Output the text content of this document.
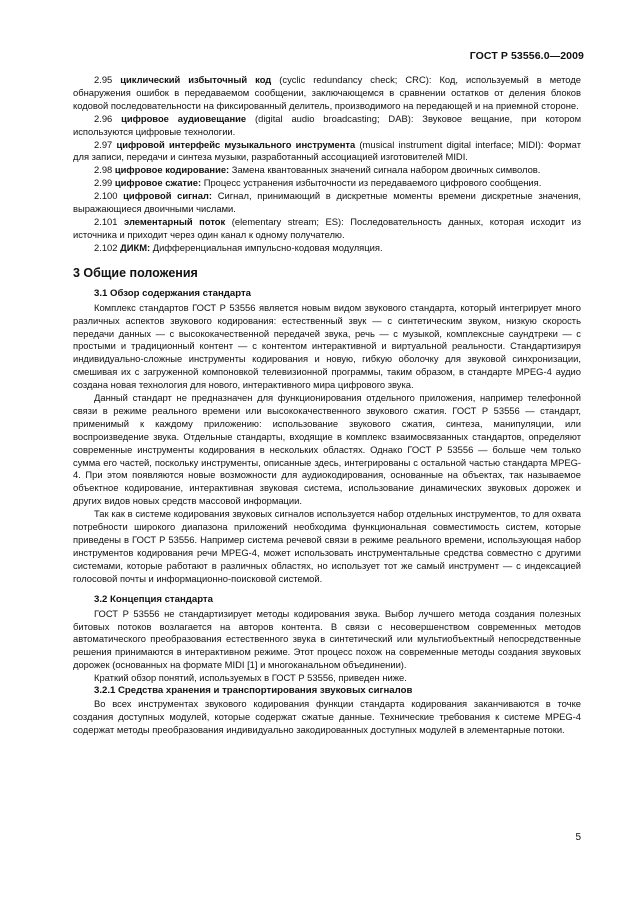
ГОСТ Р 53556.0—2009

2.95 циклический избыточный код (cyclic redundancy check; CRC): Код, используемый в методе обнаружения ошибок в передаваемом сообщении, заключающемся в сравнении остатков от деления блоков кодовой последовательности на фиксированный делитель, производимого на передающей и на приемной стороне.

2.96 цифровое аудиовещание (digital audio broadcasting; DAB): Звуковое вещание, при котором используются цифровые технологии.

2.97 цифровой интерфейс музыкального инструмента (musical instrument digital interface; MIDI): Формат для записи, передачи и синтеза музыки, разработанный ассоциацией изготовителей MIDI.

2.98 цифровое кодирование: Замена квантованных значений сигнала набором двоичных символов.

2.99 цифровое сжатие: Процесс устранения избыточности из передаваемого цифрового сообщения.

2.100 цифровой сигнал: Сигнал, принимающий в дискретные моменты времени дискретные значения, выражающиеся двоичными числами.

2.101 элементарный поток (elementary stream; ES): Последовательность данных, которая исходит из источника и приходит через один канал к одному получателю.

2.102 ДИКМ: Дифференциальная импульсно-кодовая модуляция.

3 Общие положения
3.1 Обзор содержания стандарта

Комплекс стандартов ГОСТ Р 53556 является новым видом звукового стандарта, который интегрирует много различных аспектов звукового кодирования: естественный звук — с синтетическим звуком, низкую скорость передачи данных — с высококачественной передачей звука, речь — с музыкой, комплексные саундтреки — с простыми и традиционный контент — с контентом интерактивной и виртуальной реальности. Стандартизируя индивидуально-сложные инструменты кодирования и новую, гибкую оболочку для звуковой синхронизации, смешивая их с загруженной компоновкой телевизионной программы, таким образом, в стандарте MPEG-4 аудио создана новая технология для нового, интерактивного мира цифрового звука.

Данный стандарт не предназначен для функционирования отдельного приложения, например телефонной связи в режиме реального времени или высококачественного звукового сжатия. ГОСТ Р 53556 — стандарт, применимый к каждому приложению: использование звукового сжатия, синтеза, манипуляции, или воспроизведение звука. Отдельные стандарты, входящие в комплекс взаимосвязанных стандартов, определяют современные инструменты кодирования в нескольких областях. Однако ГОСТ Р 53556 — больше чем только сумма его частей, поскольку инструменты, описанные здесь, интегрированы с остальной частью стандарта MPEG-4. При этом появляются новые возможности для аудиокодирования, основанные на объектах, так называемое объектное кодирование, интерактивная звуковая система, использование динамических звуковых дорожек и других видов новых средств массовой информации.

Так как в системе кодирования звуковых сигналов используется набор отдельных инструментов, то для охвата потребности широкого диапазона приложений необходима функциональная совместимость систем, которые приведены в ГОСТ Р 53556. Например система речевой связи в режиме реального времени, использующая набор инструментов кодирования речи MPEG-4, может использовать инструментальные средства совместно с другими системами, которые работают в различных областях, но использует тот же самый инструмент — с индексацией голосовой почты и информационно-поисковой системой.

3.2 Концепция стандарта

ГОСТ Р 53556 не стандартизирует методы кодирования звука. Выбор лучшего метода создания полезных битовых потоков возлагается на авторов контента. В связи с несовершенством современных методов автоматического преобразования естественного звука в синтетический или мультиобъектный непосредственные решения принимаются в интерактивном режиме. Этот процесс похож на современные методы создания звуковых дорожек (основанных на формате MIDI [1] и многоканальном объединении).

Краткий обзор понятий, используемых в ГОСТ Р 53556, приведен ниже.

3.2.1 Средства хранения и транспортирования звуковых сигналов

Во всех инструментах звукового кодирования функции стандарта кодирования заканчиваются в точке создания доступных модулей, которые содержат сжатые данные. Технические требования к системе MPEG-4 содержат методы преобразования индивидуально закодированных доступных модулей в элементарные потоки.

5
